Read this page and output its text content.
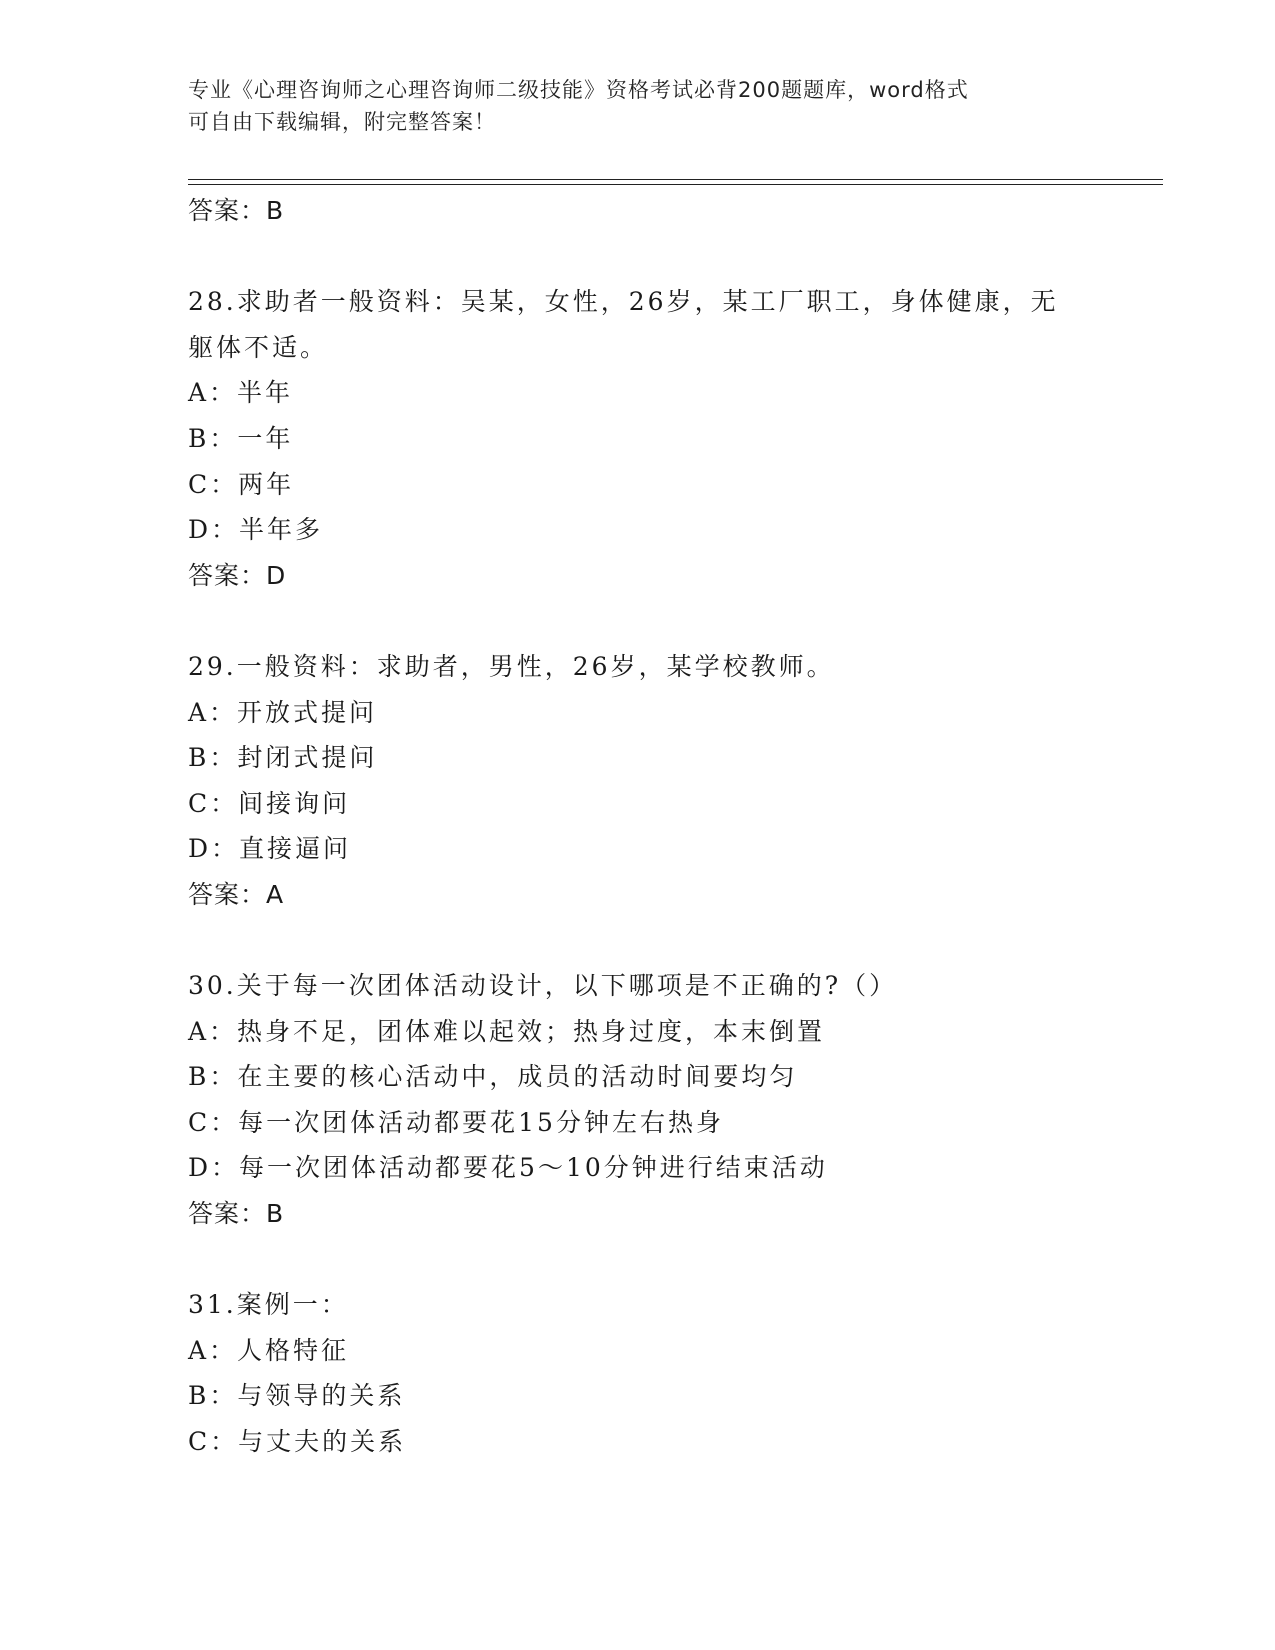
专业《心理咨询师之心理咨询师二级技能》资格考试必背200题题库，word格式
可自由下载编辑，附完整答案！
答案：B
28.求助者一般资料：吴某，女性，26岁，某工厂职工，身体健康，无
躯体不适。
A：半年
B：一年
C：两年
D：半年多
答案：D
29.一般资料：求助者，男性，26岁，某学校教师。
A：开放式提问
B：封闭式提问
C：间接询问
D：直接逼问
答案：A
30.关于每一次团体活动设计，以下哪项是不正确的?（）
A：热身不足，团体难以起效；热身过度，本末倒置
B：在主要的核心活动中，成员的活动时间要均匀
C：每一次团体活动都要花15分钟左右热身
D：每一次团体活动都要花5～10分钟进行结束活动
答案：B
31.案例一：
A：人格特征
B：与领导的关系
C：与丈夫的关系
